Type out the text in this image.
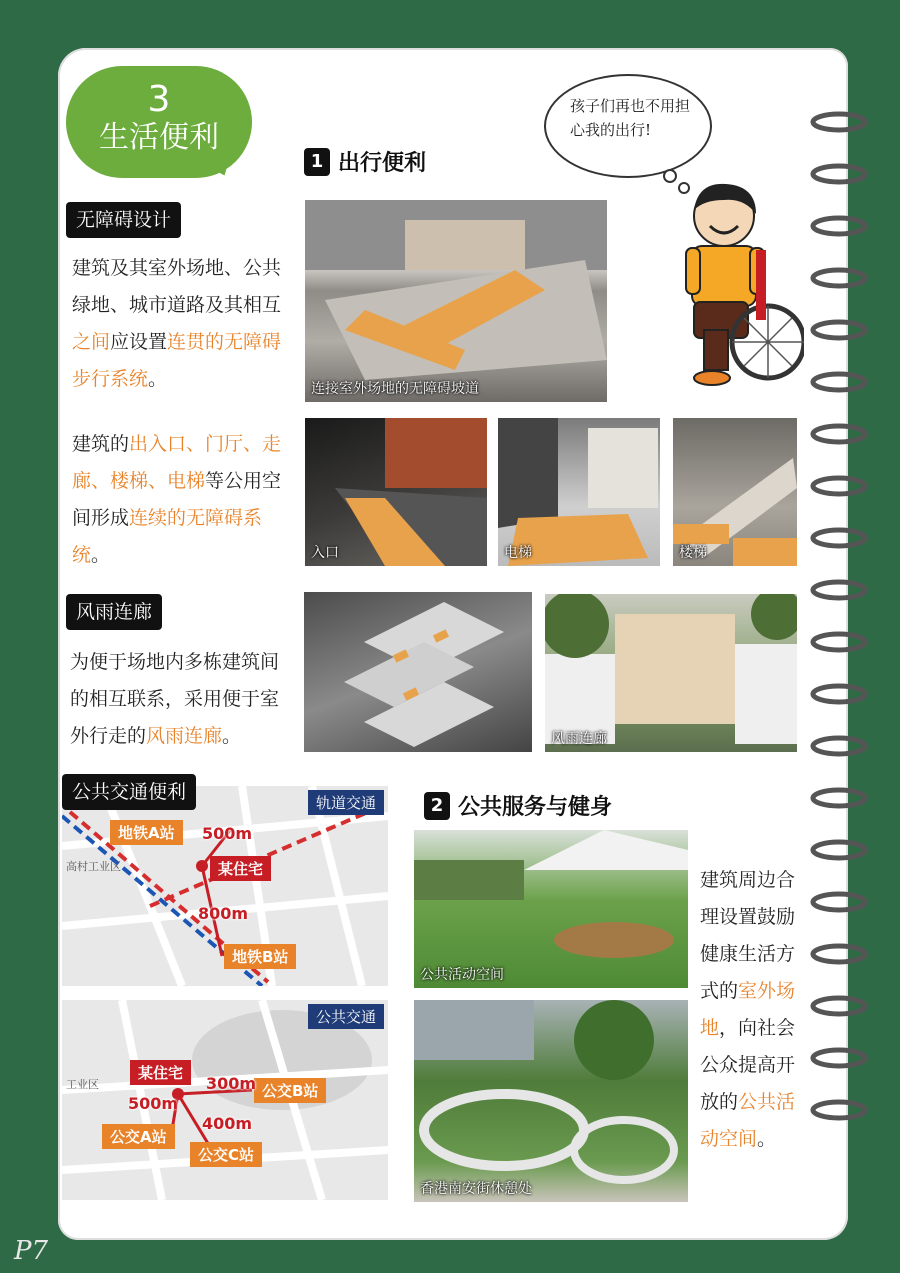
3
生活便利
1 出行便利
孩子们再也不用担心我的出行!
无障碍设计
建筑及其室外场地、公共绿地、城市道路及其相互之间应设置连贯的无障碍步行系统。
建筑的出入口、门厅、走廊、楼梯、电梯等公用空间形成连续的无障碍系统。
连接室外场地的无障碍坡道
入口	电梯	楼梯
风雨连廊
为便于场地内多栋建筑间的相互联系，采用便于室外行走的风雨连廊。	风雨连廊
公共交通便利	轨道交通
地铁A站
地铁B站
某住宅
500m
800m
高村工业区
公共交通
某住宅
公交A站
公交B站
公交C站
500m
300m
400m
工业区
2 公共服务与健身
公共活动空间
香港南安街休憩处
建筑周边合理设置鼓励健康生活方式的室外场地，向社会公众提高开放的公共活动空间。
P7
